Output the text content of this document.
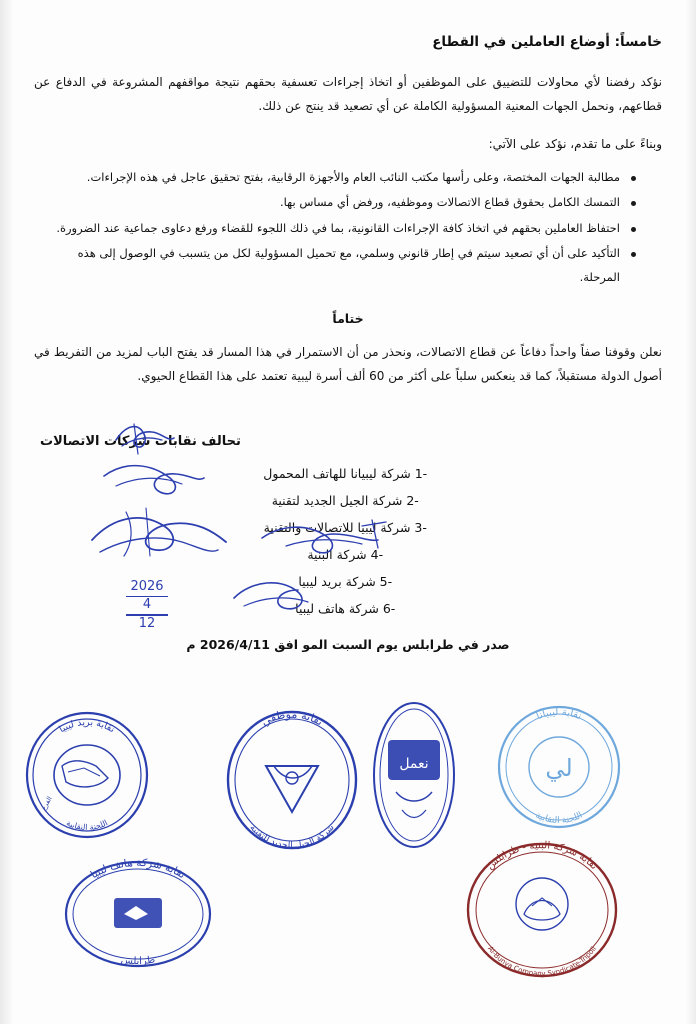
خامساً: أوضاع العاملين في القطاع

نؤكد رفضنا لأي محاولات للتضييق على الموظفين أو اتخاذ إجراءات تعسفية بحقهم نتيجة مواقفهم المشروعة في الدفاع عن قطاعهم، ونحمل الجهات المعنية المسؤولية الكاملة عن أي تصعيد قد ينتج عن ذلك.

وبناءً على ما تقدم، نؤكد على الآتي:

مطالبة الجهات المختصة، وعلى رأسها مكتب النائب العام والأجهزة الرقابية، بفتح تحقيق عاجل في هذه الإجراءات.
التمسك الكامل بحقوق قطاع الاتصالات وموظفيه، ورفض أي مساس بها.
احتفاظ العاملين بحقهم في اتخاذ كافة الإجراءات القانونية، بما في ذلك اللجوء للقضاء ورفع دعاوى جماعية عند الضرورة.
التأكيد على أن أي تصعيد سيتم في إطار قانوني وسلمي، مع تحميل المسؤولية لكل من يتسبب في الوصول إلى هذه المرحلة.
ختاماً

نعلن وقوفنا صفاً واحداً دفاعاً عن قطاع الاتصالات، ونحذر من أن الاستمرار في هذا المسار قد يفتح الباب لمزيد من التفريط في أصول الدولة مستقبلاً، كما قد ينعكس سلباً على أكثر من 60 ألف أسرة ليبية تعتمد على هذا القطاع الحيوي.

تحالف نقابات شركات الاتصالات
1- شركة ليبيانا للهاتف المحمول
2- شركة الجيل الجديد لتقنية
3- شركة ليبيا للاتصالات والتقنية
4- شركة البنية
5- شركة بريد ليبيا
6- شركة هاتف ليبيا
صدر في طرابلس يوم السبت المو افق 2026/4/11 م
2026
4
12
نقابة بريد ليبيا
اللجنة النقابية
الفرع
نقابة موظفي
شركة الجيل الجديد للتقنية
نعمل	لي
نقابة ليبيانا
اللجنة النقابية
نقابة شركة هاتف ليبيا
طرابلس
نقابة شركة البنية - طرابلس
Al-Bunya Company Syndicate-Tripoli
